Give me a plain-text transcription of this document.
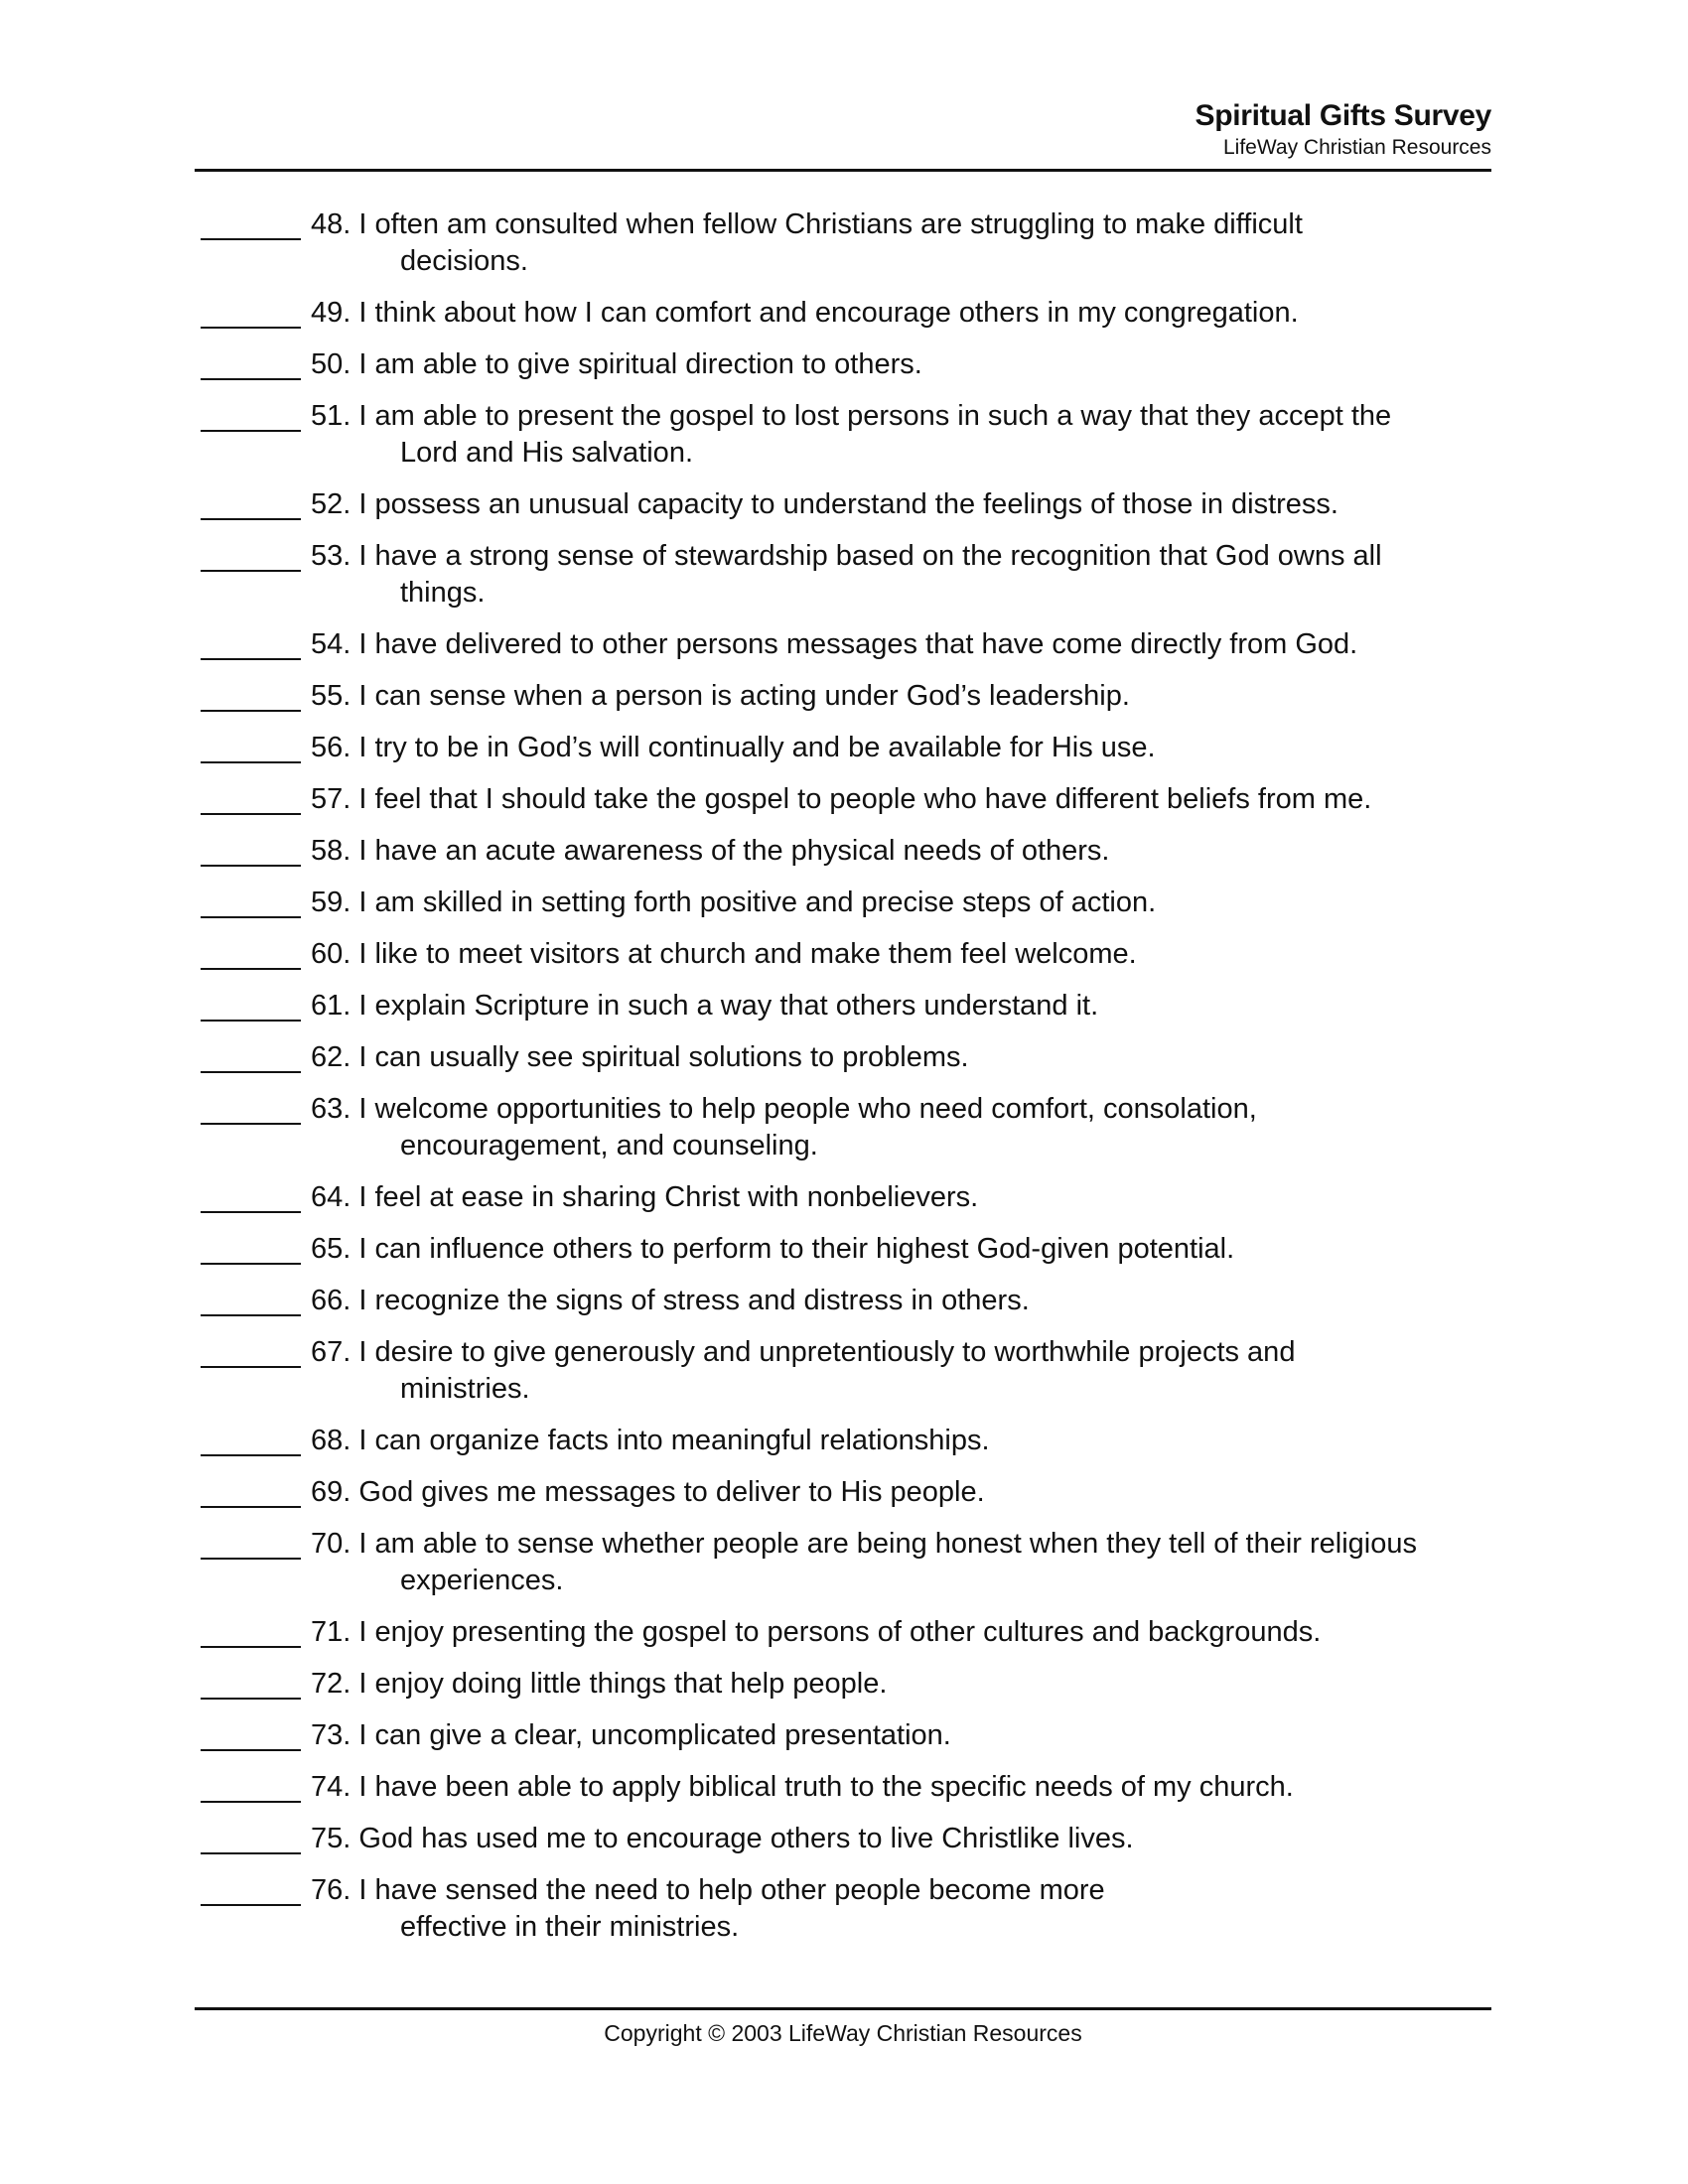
Spiritual Gifts Survey
LifeWay Christian Resources
48. I often am consulted when fellow Christians are struggling to make difficult
decisions.
49. I think about how I can comfort and encourage others in my congregation.
50. I am able to give spiritual direction to others.
51. I am able to present the gospel to lost persons in such a way that they accept the
Lord and His salvation.
52. I possess an unusual capacity to understand the feelings of those in distress.
53. I have a strong sense of stewardship based on the recognition that God owns all
things.
54. I have delivered to other persons messages that have come directly from God.
55. I can sense when a person is acting under God’s leadership.
56. I try to be in God’s will continually and be available for His use.
57. I feel that I should take the gospel to people who have different beliefs from me.
58. I have an acute awareness of the physical needs of others.
59. I am skilled in setting forth positive and precise steps of action.
60. I like to meet visitors at church and make them feel welcome.
61. I explain Scripture in such a way that others understand it.
62. I can usually see spiritual solutions to problems.
63. I welcome opportunities to help people who need comfort, consolation,
encouragement, and counseling.
64. I feel at ease in sharing Christ with nonbelievers.
65. I can influence others to perform to their highest God-given potential.
66. I recognize the signs of stress and distress in others.
67. I desire to give generously and unpretentiously to worthwhile projects and
ministries.
68. I can organize facts into meaningful relationships.
69. God gives me messages to deliver to His people.
70. I am able to sense whether people are being honest when they tell of their religious
experiences.
71. I enjoy presenting the gospel to persons of other cultures and backgrounds.
72. I enjoy doing little things that help people.
73. I can give a clear, uncomplicated presentation.
74. I have been able to apply biblical truth to the specific needs of my church.
75. God has used me to encourage others to live Christlike lives.
76. I have sensed the need to help other people become more
effective in their ministries.
Copyright © 2003 LifeWay Christian Resources
